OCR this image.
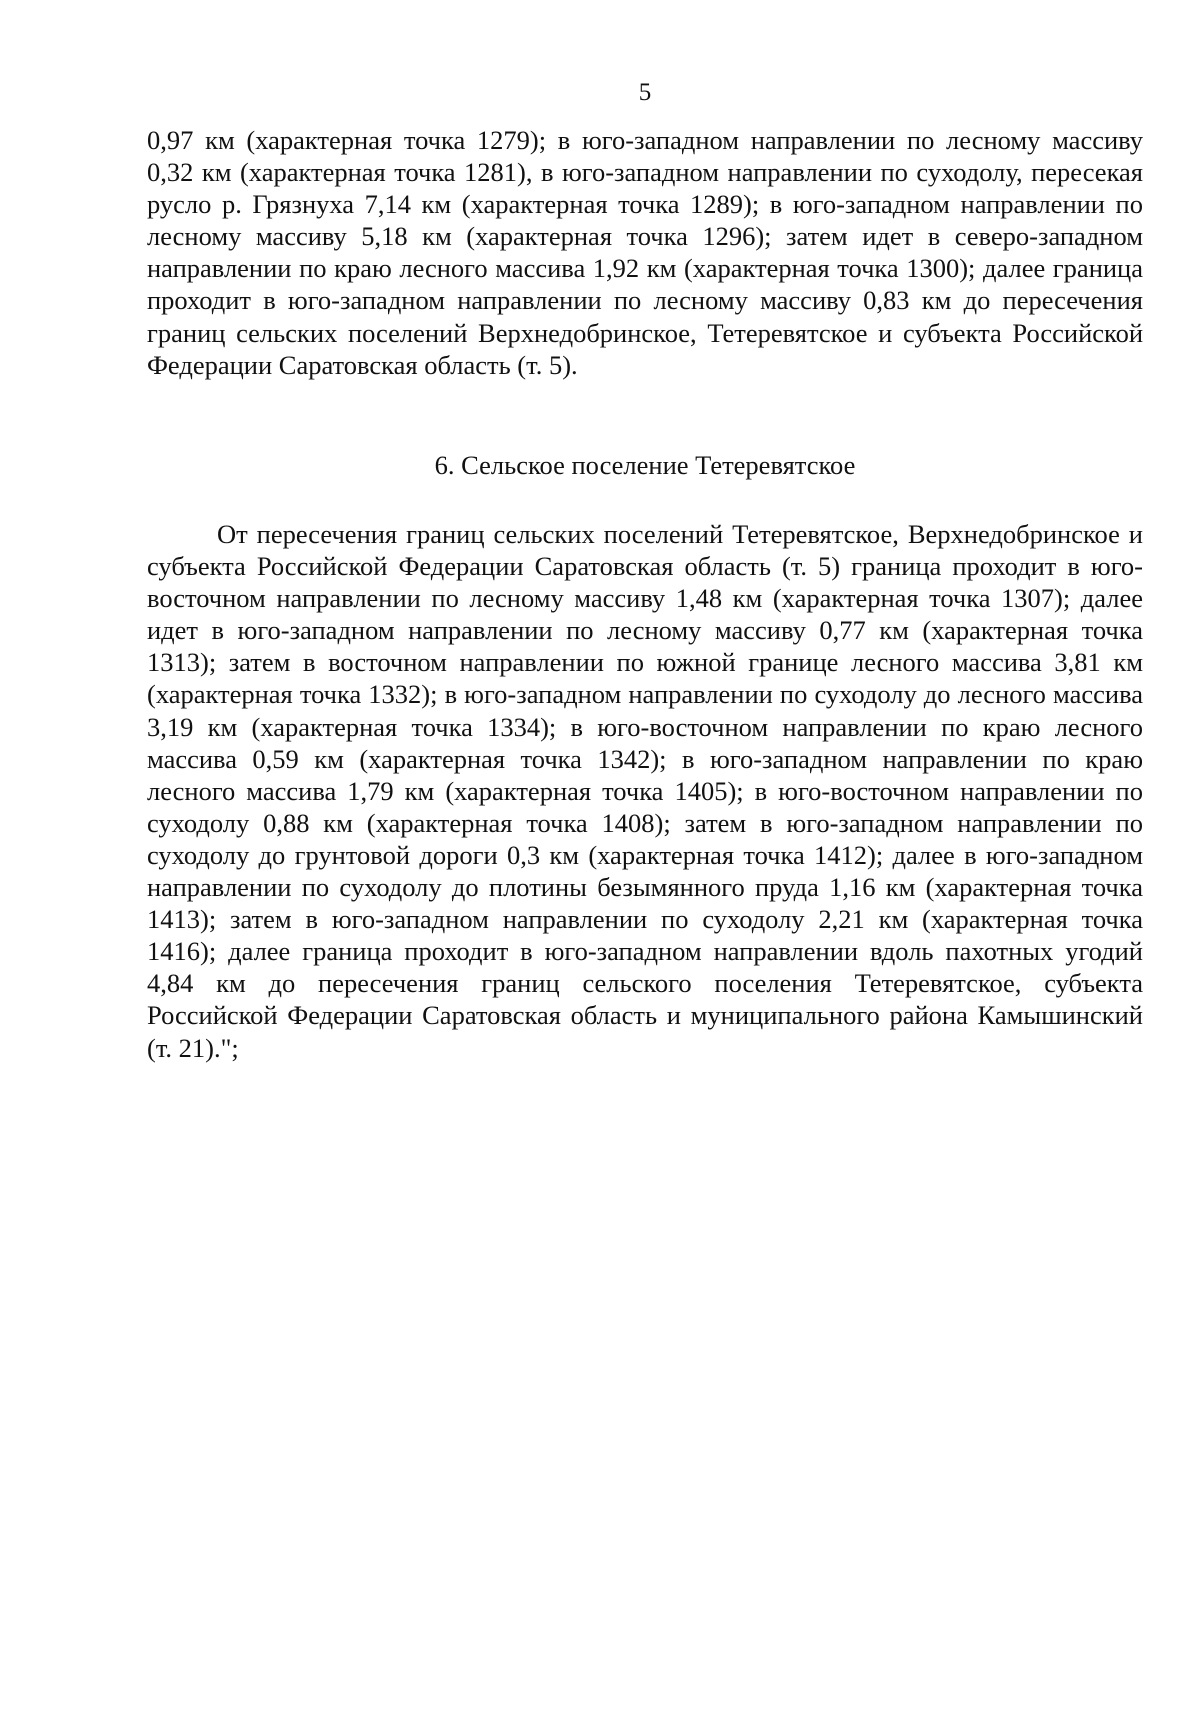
5

0,97 км (характерная точка 1279); в юго-западном направлении по лесному массиву 0,32 км (характерная точка 1281), в юго-западном направлении по суходолу, пересекая русло р. Грязнуха 7,14 км (характерная точка 1289); в юго-западном направлении по лесному массиву 5,18 км (характерная точка 1296); затем идет в северо-западном направлении по краю лесного массива 1,92 км (характерная точка 1300); далее граница проходит в юго-западном направлении по лесному массиву 0,83 км до пересечения границ сельских поселений Верхнедобринское, Тетеревятское и субъекта Российской Федерации Саратовская область (т. 5).

6. Сельское поселение Тетеревятское

От пересечения границ сельских поселений Тетеревятское, Верхнедобринское и субъекта Российской Федерации Саратовская область (т. 5) граница проходит в юго-восточном направлении по лесному массиву 1,48 км (характерная точка 1307); далее идет в юго-западном направлении по лесному массиву 0,77 км (характерная точка 1313); затем в восточном направлении по южной границе лесного массива 3,81 км (характерная точка 1332); в юго-западном направлении по суходолу до лесного массива 3,19 км (характерная точка 1334); в юго-восточном направлении по краю лесного массива 0,59 км (характерная точка 1342); в юго-западном направлении по краю лесного массива 1,79 км (характерная точка 1405); в юго-восточном направлении по суходолу 0,88 км (характерная точка 1408); затем в юго-западном направлении по суходолу до грунтовой дороги 0,3 км (характерная точка 1412); далее в юго-западном направлении по суходолу до плотины безымянного пруда 1,16 км (характерная точка 1413); затем в юго-западном направлении по суходолу 2,21 км (характерная точка 1416); далее граница проходит в юго-западном направлении вдоль пахотных угодий 4,84 км до пересечения границ сельского поселения Тетеревятское, субъекта Российской Федерации Саратовская область и муниципального района Камышинский (т. 21).";
